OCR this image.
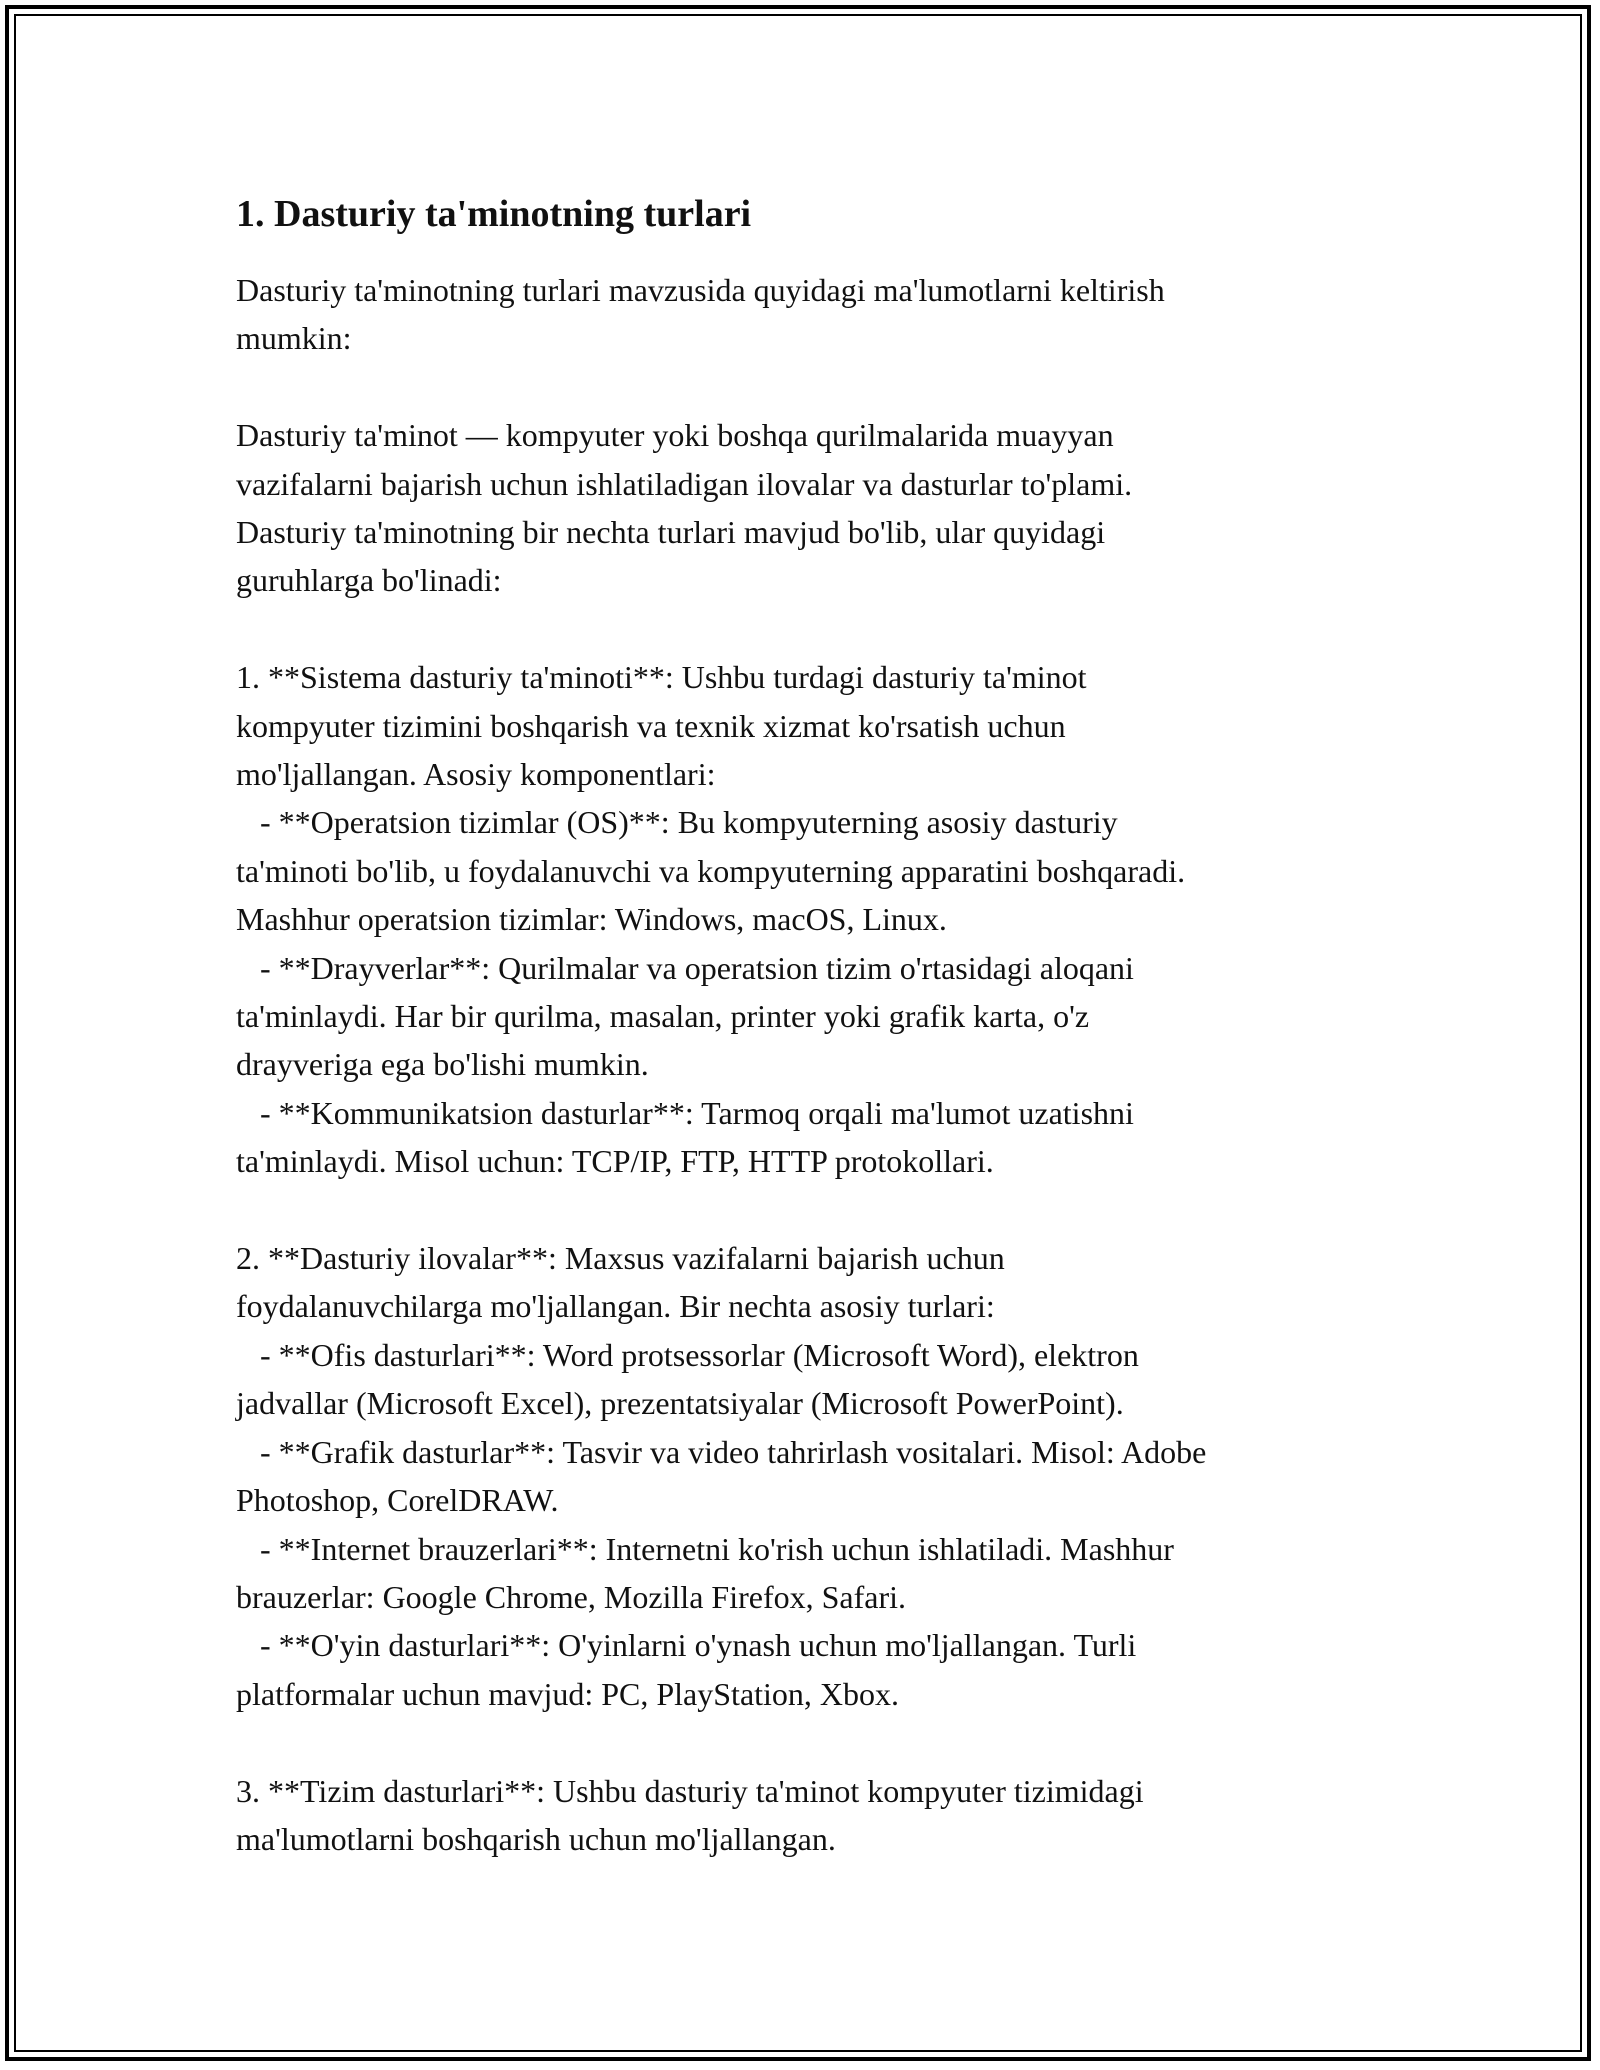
1. Dasturiy ta'minotning turlari

Dasturiy ta'minotning turlari mavzusida quyidagi ma'lumotlarni keltirish
mumkin:

Dasturiy ta'minot — kompyuter yoki boshqa qurilmalarida muayyan
vazifalarni bajarish uchun ishlatiladigan ilovalar va dasturlar to'plami.
Dasturiy ta'minotning bir nechta turlari mavjud bo'lib, ular quyidagi
guruhlarga bo'linadi:

1. **Sistema dasturiy ta'minoti**: Ushbu turdagi dasturiy ta'minot
kompyuter tizimini boshqarish va texnik xizmat ko'rsatish uchun
mo'ljallangan. Asosiy komponentlari:
- **Operatsion tizimlar (OS)**: Bu kompyuterning asosiy dasturiy
ta'minoti bo'lib, u foydalanuvchi va kompyuterning apparatini boshqaradi.
Mashhur operatsion tizimlar: Windows, macOS, Linux.
- **Drayverlar**: Qurilmalar va operatsion tizim o'rtasidagi aloqani
ta'minlaydi. Har bir qurilma, masalan, printer yoki grafik karta, o'z
drayveriga ega bo'lishi mumkin.
- **Kommunikatsion dasturlar**: Tarmoq orqali ma'lumot uzatishni
ta'minlaydi. Misol uchun: TCP/IP, FTP, HTTP protokollari.

2. **Dasturiy ilovalar**: Maxsus vazifalarni bajarish uchun
foydalanuvchilarga mo'ljallangan. Bir nechta asosiy turlari:
- **Ofis dasturlari**: Word protsessorlar (Microsoft Word), elektron
jadvallar (Microsoft Excel), prezentatsiyalar (Microsoft PowerPoint).
- **Grafik dasturlar**: Tasvir va video tahrirlash vositalari. Misol: Adobe
Photoshop, CorelDRAW.
- **Internet brauzerlari**: Internetni ko'rish uchun ishlatiladi. Mashhur
brauzerlar: Google Chrome, Mozilla Firefox, Safari.
- **O'yin dasturlari**: O'yinlarni o'ynash uchun mo'ljallangan. Turli
platformalar uchun mavjud: PC, PlayStation, Xbox.

3. **Tizim dasturlari**: Ushbu dasturiy ta'minot kompyuter tizimidagi
ma'lumotlarni boshqarish uchun mo'ljallangan.
